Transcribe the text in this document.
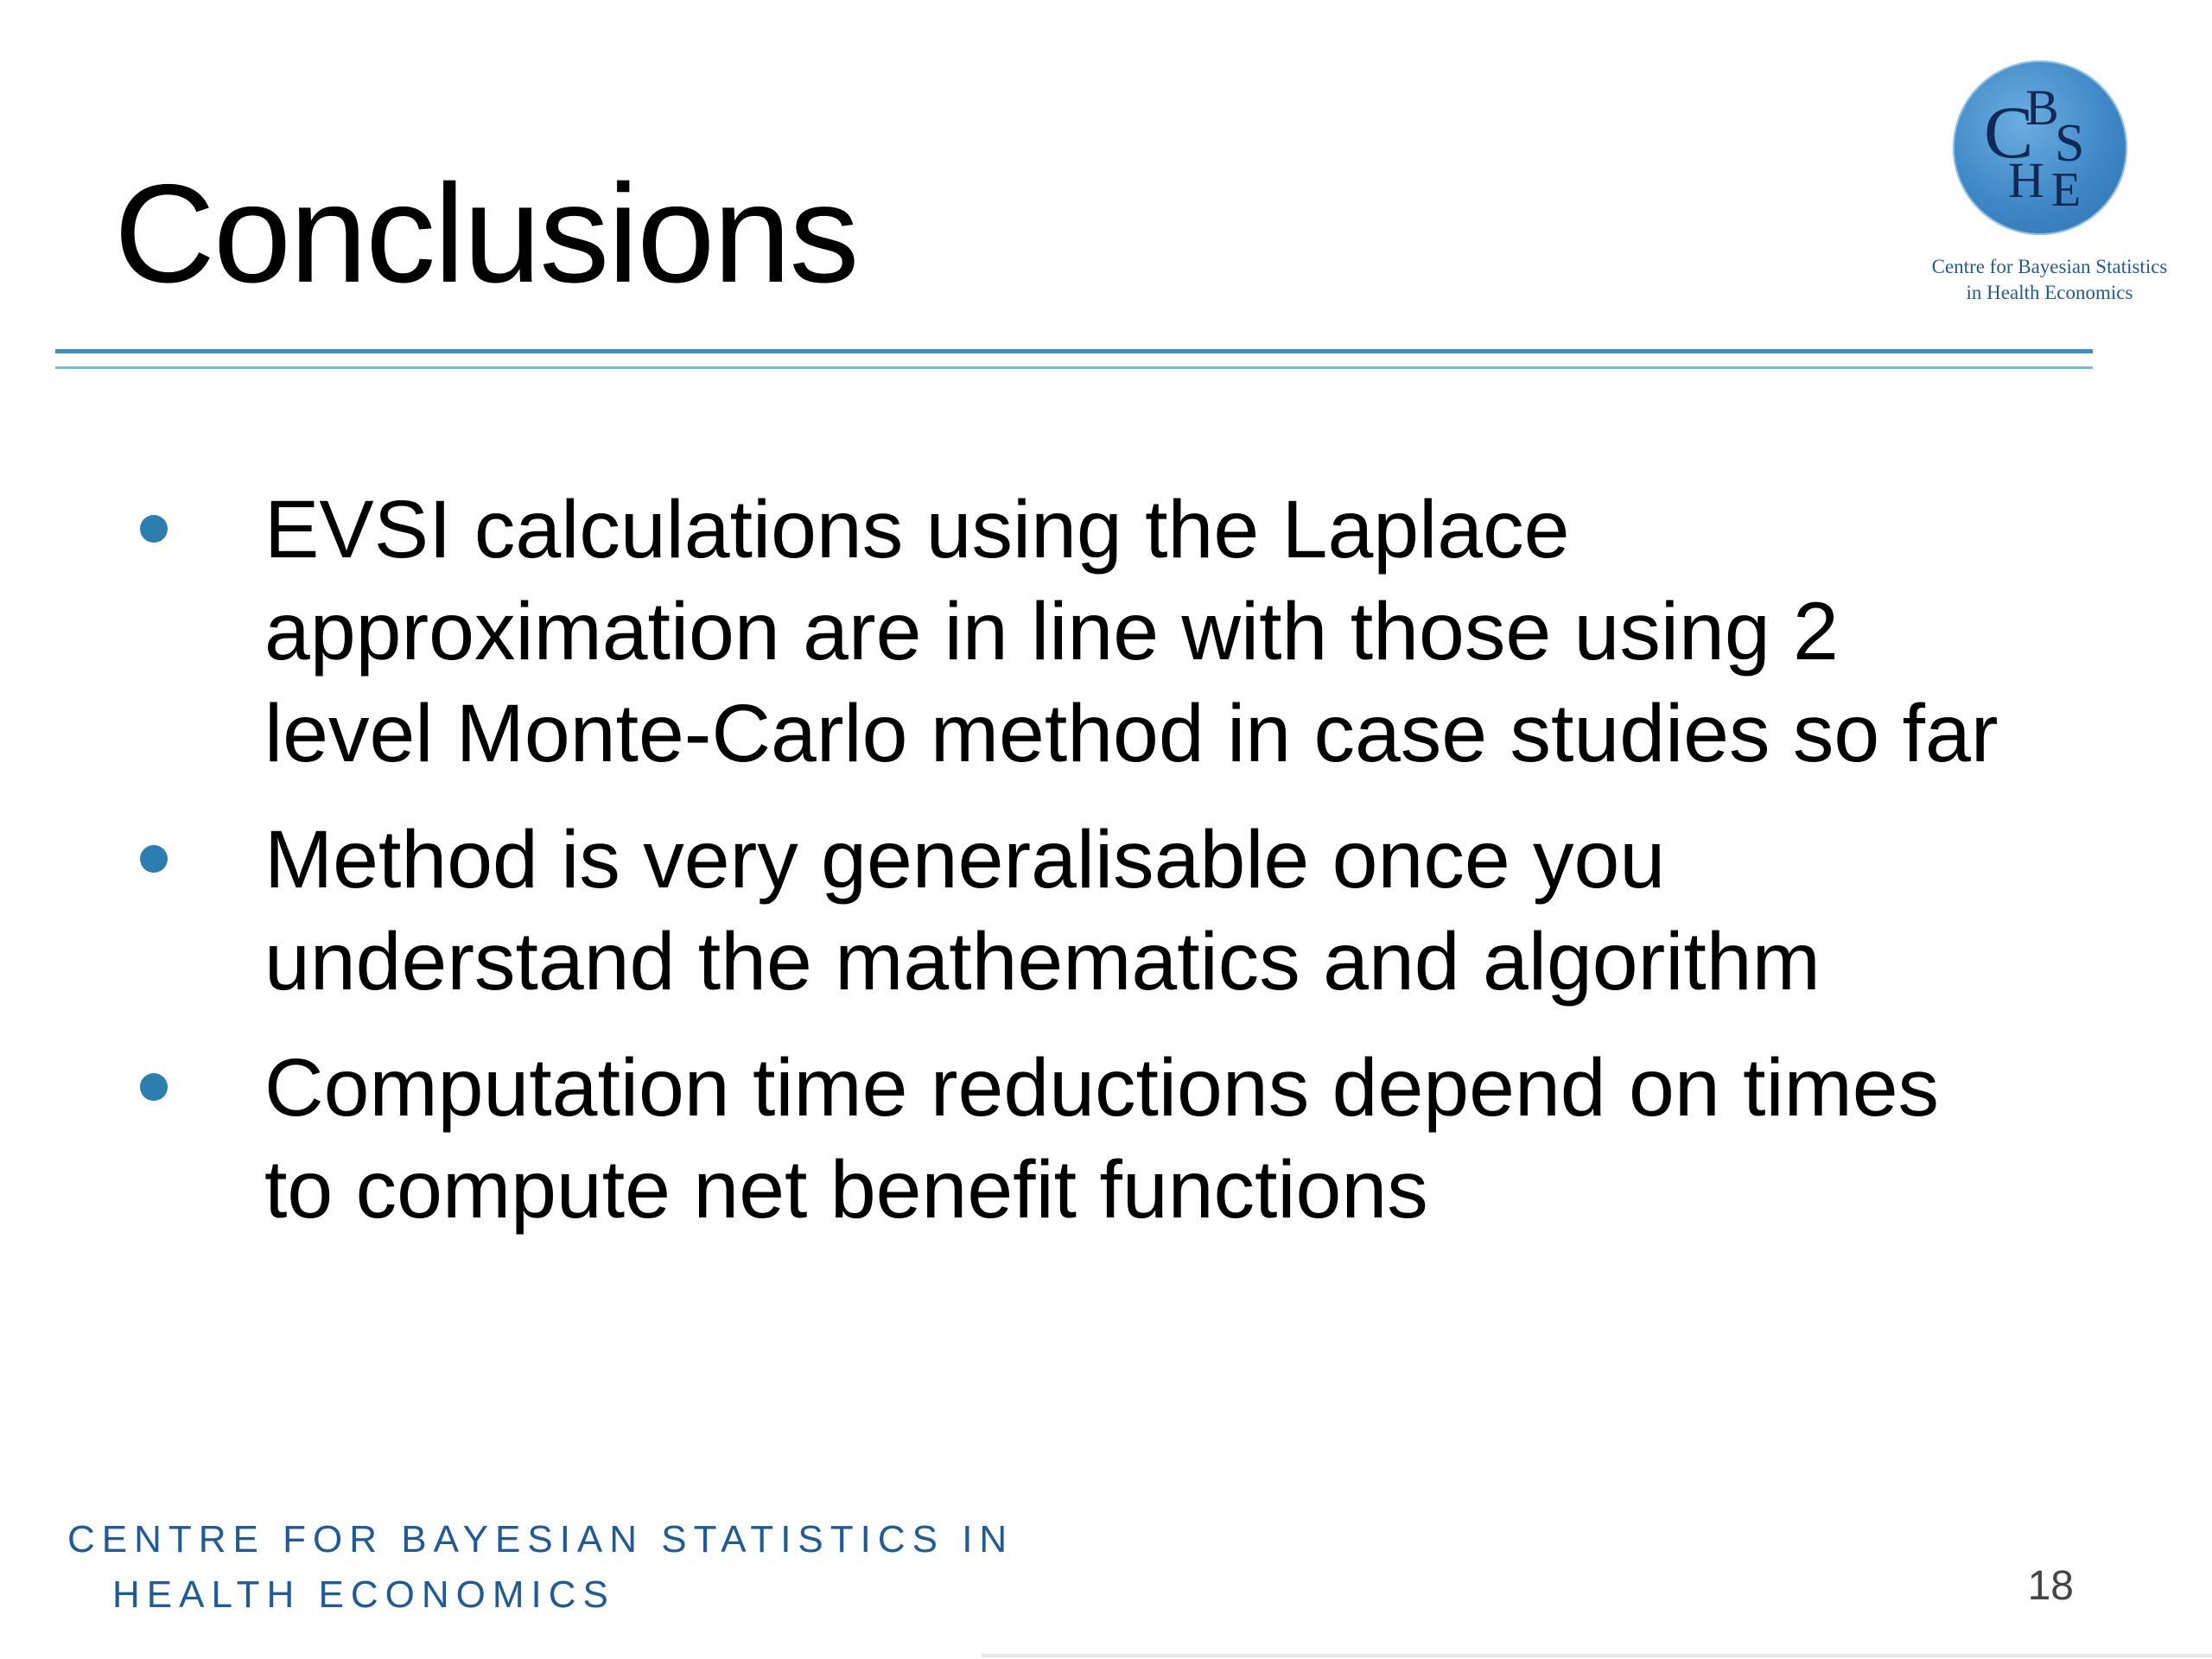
Conclusions
C
B
S
H E
Centre for Bayesian Statistics
in Health Economics
EVSI calculations using the Laplace
approximation are in line with those using 2
level Monte-Carlo method in case studies so far
Method is very generalisable once you
understand the mathematics and algorithm
Computation time reductions depend on times
to compute net benefit functions
CENTRE FOR BAYESIAN STATISTICS IN
HEALTH ECONOMICS	18
